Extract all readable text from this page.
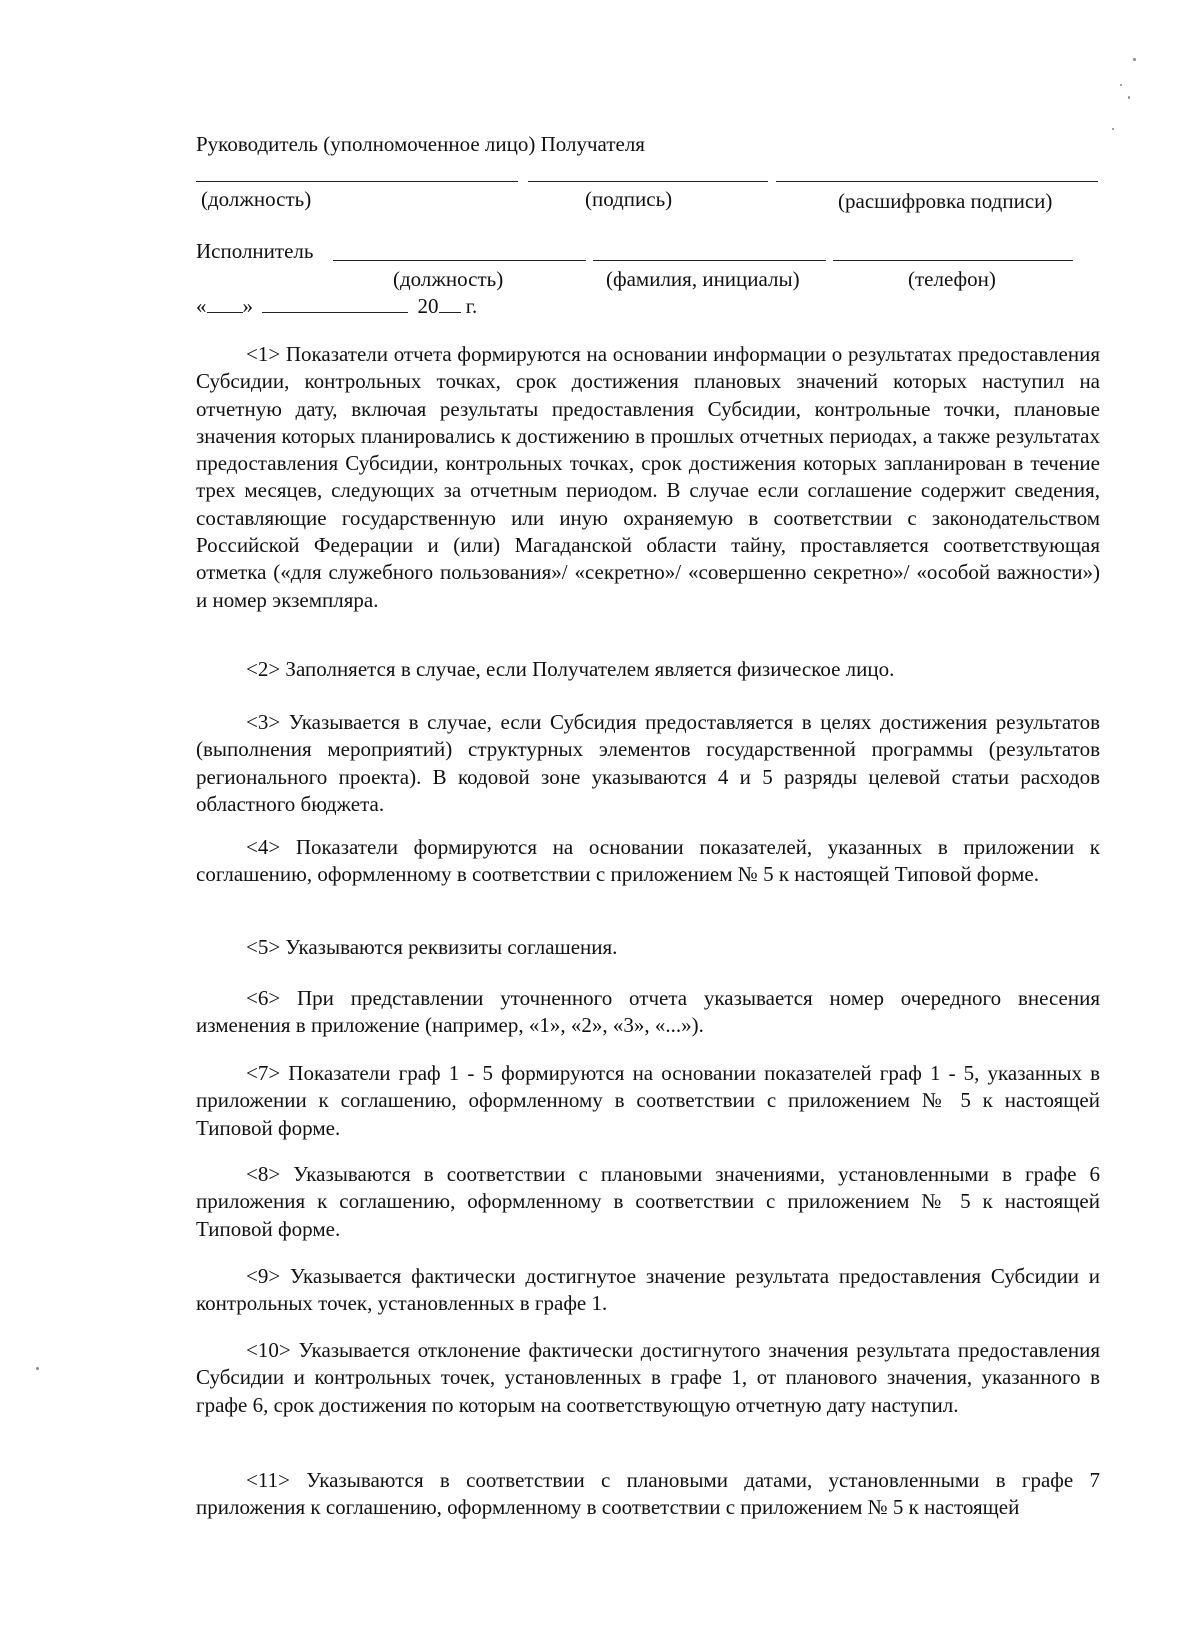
Руководитель (уполномоченное лицо) Получателя
(должность)	(подпись)	(расшифровка подписи)
Исполнитель
(должность)	(фамилия, инициалы)	(телефон)
« »	20 г.

<1> Показатели отчета формируются на основании информации о результатах предоставления Субсидии, контрольных точках, срок достижения плановых значений которых наступил на отчетную дату, включая результаты предоставления Субсидии, контрольные точки, плановые значения которых планировались к достижению в прошлых отчетных периодах, а также результатах предоставления Субсидии, контрольных точках, срок достижения которых запланирован в течение трех месяцев, следующих за отчетным периодом. В случае если соглашение содержит сведения, составляющие государственную или иную охраняемую в соответствии с законодательством Российской Федерации и (или) Магаданской области тайну, проставляется соответствующая отметка («для служебного пользования»/ «секретно»/ «совершенно секретно»/ «особой важности») и номер экземпляра.

<2> Заполняется в случае, если Получателем является физическое лицо.

<3> Указывается в случае, если Субсидия предоставляется в целях достижения результатов (выполнения мероприятий) структурных элементов государственной программы (результатов регионального проекта). В кодовой зоне указываются 4 и 5 разряды целевой статьи расходов областного бюджета.

<4> Показатели формируются на основании показателей, указанных в приложении к соглашению, оформленному в соответствии с приложением № 5 к настоящей Типовой форме.

<5> Указываются реквизиты соглашения.

<6> При представлении уточненного отчета указывается номер очередного внесения изменения в приложение (например, «1», «2», «3», «...»).

<7> Показатели граф 1 - 5 формируются на основании показателей граф 1 - 5, указанных в приложении к соглашению, оформленному в соответствии с приложением № 5 к настоящей Типовой форме.

<8> Указываются в соответствии с плановыми значениями, установленными в графе 6 приложения к соглашению, оформленному в соответствии с приложением № 5 к настоящей Типовой форме.

<9> Указывается фактически достигнутое значение результата предоставления Субсидии и контрольных точек, установленных в графе 1.

<10> Указывается отклонение фактически достигнутого значения результата предоставления Субсидии и контрольных точек, установленных в графе 1, от планового значения, указанного в графе 6, срок достижения по которым на соответствующую отчетную дату наступил.

<11> Указываются в соответствии с плановыми датами, установленными в графе 7 приложения к соглашению, оформленному в соответствии с приложением № 5 к настоящей
